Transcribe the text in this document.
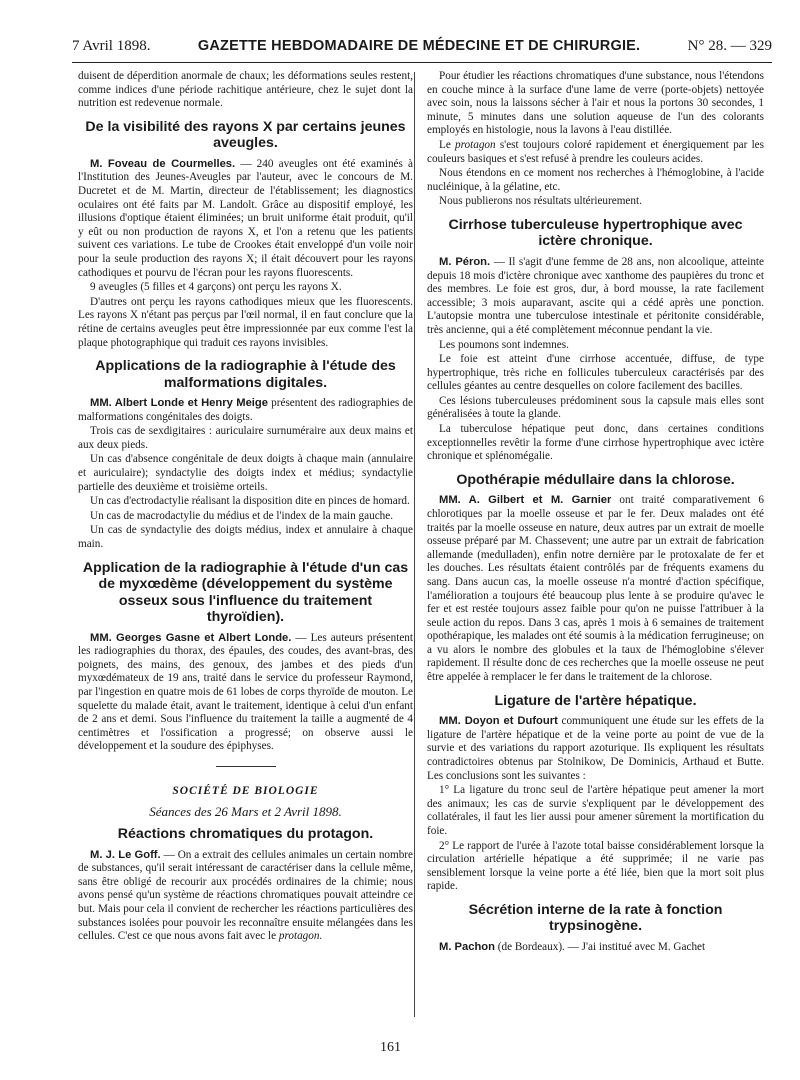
7 Avril 1898.	GAZETTE HEBDOMADAIRE DE MÉDECINE ET DE CHIRURGIE.	N° 28. — 329

duisent de déperdition anormale de chaux; les déformations seules restent, comme indices d'une période rachitique antérieure, chez le sujet dont la nutrition est redevenue normale.

De la visibilité des rayons X par certains jeunes aveugles.

M. Foveau de Courmelles. — 240 aveugles ont été examinés à l'Institution des Jeunes-Aveugles par l'auteur, avec le concours de M. Ducretet et de M. Martin, directeur de l'établissement; les diagnostics oculaires ont été faits par M. Landolt. Grâce au dispositif employé, les illusions d'optique étaient éliminées; un bruit uniforme était produit, qu'il y eût ou non production de rayons X, et l'on a retenu que les patients suivent ces variations. Le tube de Crookes était enveloppé d'un voile noir pour la seule production des rayons X; il était découvert pour les rayons cathodiques et pourvu de l'écran pour les rayons fluorescents.

9 aveugles (5 filles et 4 garçons) ont perçu les rayons X.

D'autres ont perçu les rayons cathodiques mieux que les fluorescents. Les rayons X n'étant pas perçus par l'œil normal, il en faut conclure que la rétine de certains aveugles peut être impressionnée par eux comme l'est la plaque photographique qui traduit ces rayons invisibles.

Applications de la radiographie à l'étude des malformations digitales.

MM. Albert Londe et Henry Meige présentent des radiographies de malformations congénitales des doigts.

Trois cas de sexdigitaires : auriculaire surnuméraire aux deux mains et aux deux pieds.

Un cas d'absence congénitale de deux doigts à chaque main (annulaire et auriculaire); syndactylie des doigts index et médius; syndactylie partielle des deuxième et troisième orteils.

Un cas d'ectrodactylie réalisant la disposition dite en pinces de homard.

Un cas de macrodactylie du médius et de l'index de la main gauche.

Un cas de syndactylie des doigts médius, index et annulaire à chaque main.

Application de la radiographie à l'étude d'un cas de myxœdème (développement du système osseux sous l'influence du traitement thyroïdien).

MM. Georges Gasne et Albert Londe. — Les auteurs présentent les radiographies du thorax, des épaules, des coudes, des avant-bras, des poignets, des mains, des genoux, des jambes et des pieds d'un myxœdémateux de 19 ans, traité dans le service du professeur Raymond, par l'ingestion en quatre mois de 61 lobes de corps thyroïde de mouton. Le squelette du malade était, avant le traitement, identique à celui d'un enfant de 2 ans et demi. Sous l'influence du traitement la taille a augmenté de 4 centimètres et l'ossification a progressé; on observe aussi le développement et la soudure des épiphyses.

SOCIÉTÉ DE BIOLOGIE
Séances des 26 Mars et 2 Avril 1898.
Réactions chromatiques du protagon.

M. J. Le Goff. — On a extrait des cellules animales un certain nombre de substances, qu'il serait intéressant de caractériser dans la cellule même, sans être obligé de recourir aux procédés ordinaires de la chimie; nous avons pensé qu'un système de réactions chromatiques pouvait atteindre ce but. Mais pour cela il convient de rechercher les réactions particulières des substances isolées pour pouvoir les reconnaître ensuite mélangées dans les cellules. C'est ce que nous avons fait avec le protagon.

Pour étudier les réactions chromatiques d'une substance, nous l'étendons en couche mince à la surface d'une lame de verre (porte-objets) nettoyée avec soin, nous la laissons sécher à l'air et nous la portons 30 secondes, 1 minute, 5 minutes dans une solution aqueuse de l'un des colorants employés en histologie, nous la lavons à l'eau distillée.

Le protagon s'est toujours coloré rapidement et énergiquement par les couleurs basiques et s'est refusé à prendre les couleurs acides.

Nous étendons en ce moment nos recherches à l'hémoglobine, à l'acide nucléinique, à la gélatine, etc.

Nous publierons nos résultats ultérieurement.

Cirrhose tuberculeuse hypertrophique avec ictère chronique.

M. Péron. — Il s'agit d'une femme de 28 ans, non alcoolique, atteinte depuis 18 mois d'ictère chronique avec xanthome des paupières du tronc et des membres. Le foie est gros, dur, à bord mousse, la rate facilement accessible; 3 mois auparavant, ascite qui a cédé après une ponction. L'autopsie montra une tuberculose intestinale et péritonite considérable, très ancienne, qui a été complètement méconnue pendant la vie.

Les poumons sont indemnes.

Le foie est atteint d'une cirrhose accentuée, diffuse, de type hypertrophique, très riche en follicules tuberculeux caractérisés par des cellules géantes au centre desquelles on colore facilement des bacilles.

Ces lésions tuberculeuses prédominent sous la capsule mais elles sont généralisées à toute la glande.

La tuberculose hépatique peut donc, dans certaines conditions exceptionnelles revêtir la forme d'une cirrhose hypertrophique avec ictère chronique et splénomégalie.

Opothérapie médullaire dans la chlorose.

MM. A. Gilbert et M. Garnier ont traité comparativement 6 chlorotiques par la moelle osseuse et par le fer. Deux malades ont été traités par la moelle osseuse en nature, deux autres par un extrait de moelle osseuse préparé par M. Chassevent; une autre par un extrait de fabrication allemande (medulladen), enfin notre dernière par le protoxalate de fer et les douches. Les résultats étaient contrôlés par de fréquents examens du sang. Dans aucun cas, la moelle osseuse n'a montré d'action spécifique, l'amélioration a toujours été beaucoup plus lente à se produire qu'avec le fer et est restée toujours assez faible pour qu'on ne puisse l'attribuer à la seule action du repos. Dans 3 cas, après 1 mois à 6 semaines de traitement opothérapique, les malades ont été soumis à la médication ferrugineuse; on a vu alors le nombre des globules et la taux de l'hémoglobine s'élever rapidement. Il résulte donc de ces recherches que la moelle osseuse ne peut être appelée à remplacer le fer dans le traitement de la chlorose.

Ligature de l'artère hépatique.

MM. Doyon et Dufourt communiquent une étude sur les effets de la ligature de l'artère hépatique et de la veine porte au point de vue de la survie et des variations du rapport azoturique. Ils expliquent les résultats contradictoires obtenus par Stolnikow, De Dominicis, Arthaud et Butte. Les conclusions sont les suivantes :

1° La ligature du tronc seul de l'artère hépatique peut amener la mort des animaux; les cas de survie s'expliquent par le développement des collatérales, il faut les lier aussi pour amener sûrement la mortification du foie.

2° Le rapport de l'urée à l'azote total baisse considérablement lorsque la circulation artérielle hépatique a été supprimée; il ne varie pas sensiblement lorsque la veine porte a été liée, bien que la mort soit plus rapide.

Sécrétion interne de la rate à fonction trypsinogène.

M. Pachon (de Bordeaux). — J'ai institué avec M. Gachet

161
